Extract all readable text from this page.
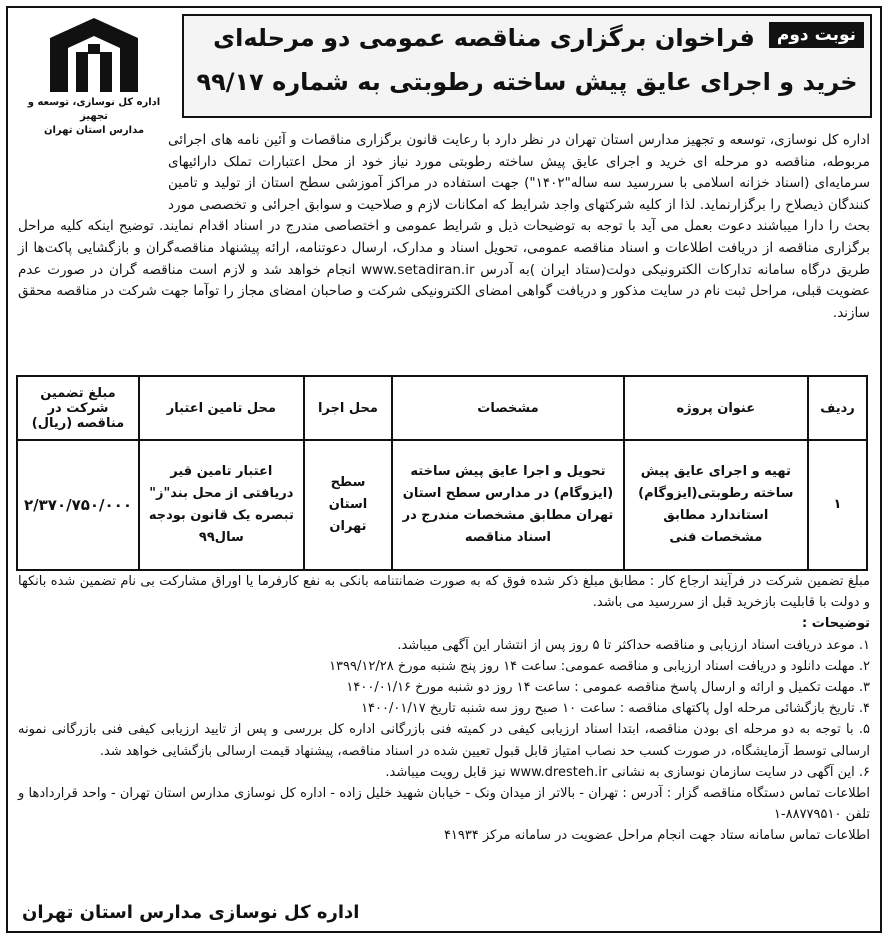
نوبت دوم
فراخوان برگزاری مناقصه عمومی دو مرحله‌ای
خرید و اجرای عایق پیش ساخته رطوبتی به شماره ۹۹/۱۷
اداره کل نوسازی، توسعه و تجهیز
مدارس استان تهران
اداره کل نوسازی، توسعه و تجهیز مدارس استان تهران در نظر دارد با رعایت قانون برگزاری مناقصات و آئین نامه های اجرائی مربوطه، مناقصه دو مرحله ای خرید و اجرای عایق پیش ساخته رطوبتی مورد نیاز خود از محل اعتبارات تملک دارائیهای سرمایه‌ای (اسناد خزانه اسلامی با سررسید سه ساله"۱۴۰۲") جهت استفاده در مراکز آموزشی سطح استان از تولید و تامین کنندگان ذیصلاح را برگزارنماید. لذا از کلیه شرکتهای واجد شرایط که امکانات لازم و صلاحیت و سوابق اجرائی و تخصصی مورد بحث را دارا میباشند دعوت بعمل می آید با توجه به توضیحات ذیل و شرایط عمومی و اختصاصی مندرج در اسناد اقدام نمایند. توضیح اینکه کلیه مراحل برگزاری مناقصه از دریافت اطلاعات و اسناد مناقصه عمومی، تحویل اسناد و مدارک، ارسال دعوتنامه، ارائه پیشنهاد مناقصه‌گران و بازگشایی پاکت‌ها از طریق درگاه سامانه تدارکات الکترونیکی دولت(ستاد ایران )به آدرس www.setadiran.ir انجام خواهد شد و لازم است مناقصه گران در صورت عدم عضویت قبلی، مراحل ثبت نام در سایت مذکور و دریافت گواهی امضای الکترونیکی شرکت و صاحبان امضای مجاز را توآما جهت شرکت در مناقصه محقق سازند.
ردیف	عنوان پروژه	مشخصات	محل اجرا	محل تامین اعتبار	مبلغ تضمین شرکت در مناقصه (ریال)
۱	تهیه و اجرای عایق پیش ساخته رطوبتی(ایزوگام) استاندارد مطابق مشخصات فنی	تحویل و اجرا عایق پیش ساخته (ایزوگام) در مدارس سطح استان تهران مطابق مشخصات مندرج در اسناد مناقصه	سطح استان تهران	اعتبار تامین قیر دریافتی از محل بند"ز" تبصره یک قانون بودجه سال۹۹	۲/۳۷۰/۷۵۰/۰۰۰

مبلغ تضمین شرکت در فرآیند ارجاع کار : مطابق مبلغ ذکر شده فوق که به صورت ضمانتنامه بانکی به نفع کارفرما یا اوراق مشارکت بی نام تضمین شده بانکها و دولت با قابلیت بازخرید قبل از سررسید می باشد.

توضیحات :

۱. موعد دریافت اسناد ارزیابی و مناقصه حداکثر تا ۵ روز پس از انتشار این آگهی میباشد.

۲. مهلت دانلود و دریافت اسناد ارزیابی و مناقصه عمومی: ساعت ۱۴ روز پنج شنبه مورخ ۱۳۹۹/۱۲/۲۸

۳. مهلت تکمیل و ارائه و ارسال پاسخ مناقصه عمومی : ساعت ۱۴ روز دو شنبه مورخ ۱۴۰۰/۰۱/۱۶

۴. تاریخ بازگشائی مرحله اول پاکتهای مناقصه : ساعت ۱۰ صبح روز سه شنبه تاریخ ۱۴۰۰/۰۱/۱۷

۵. با توجه به دو مرحله ای بودن مناقصه، ابتدا اسناد ارزیابی کیفی در کمیته فنی بازرگانی اداره کل بررسی و پس از تایید ارزیابی کیفی فنی بازرگانی نمونه ارسالی توسط آزمایشگاه، در صورت کسب حد نصاب امتیاز قابل قبول تعیین شده در اسناد مناقصه، پیشنهاد قیمت ارسالی بازگشایی خواهد شد.

۶. این آگهی در سایت سازمان نوسازی به نشانی www.dresteh.ir نیز قابل رویت میباشد.

اطلاعات تماس دستگاه مناقصه گزار : آدرس : تهران - بالاتر از میدان ونک - خیابان شهید خلیل زاده - اداره کل نوسازی مدارس استان تهران - واحد قراردادها و تلفن ۸۸۷۷۹۵۱۰-۱

اطلاعات تماس سامانه ستاد جهت انجام مراحل عضویت در سامانه مرکز ۴۱۹۳۴

اداره کل نوسازی مدارس استان تهران
